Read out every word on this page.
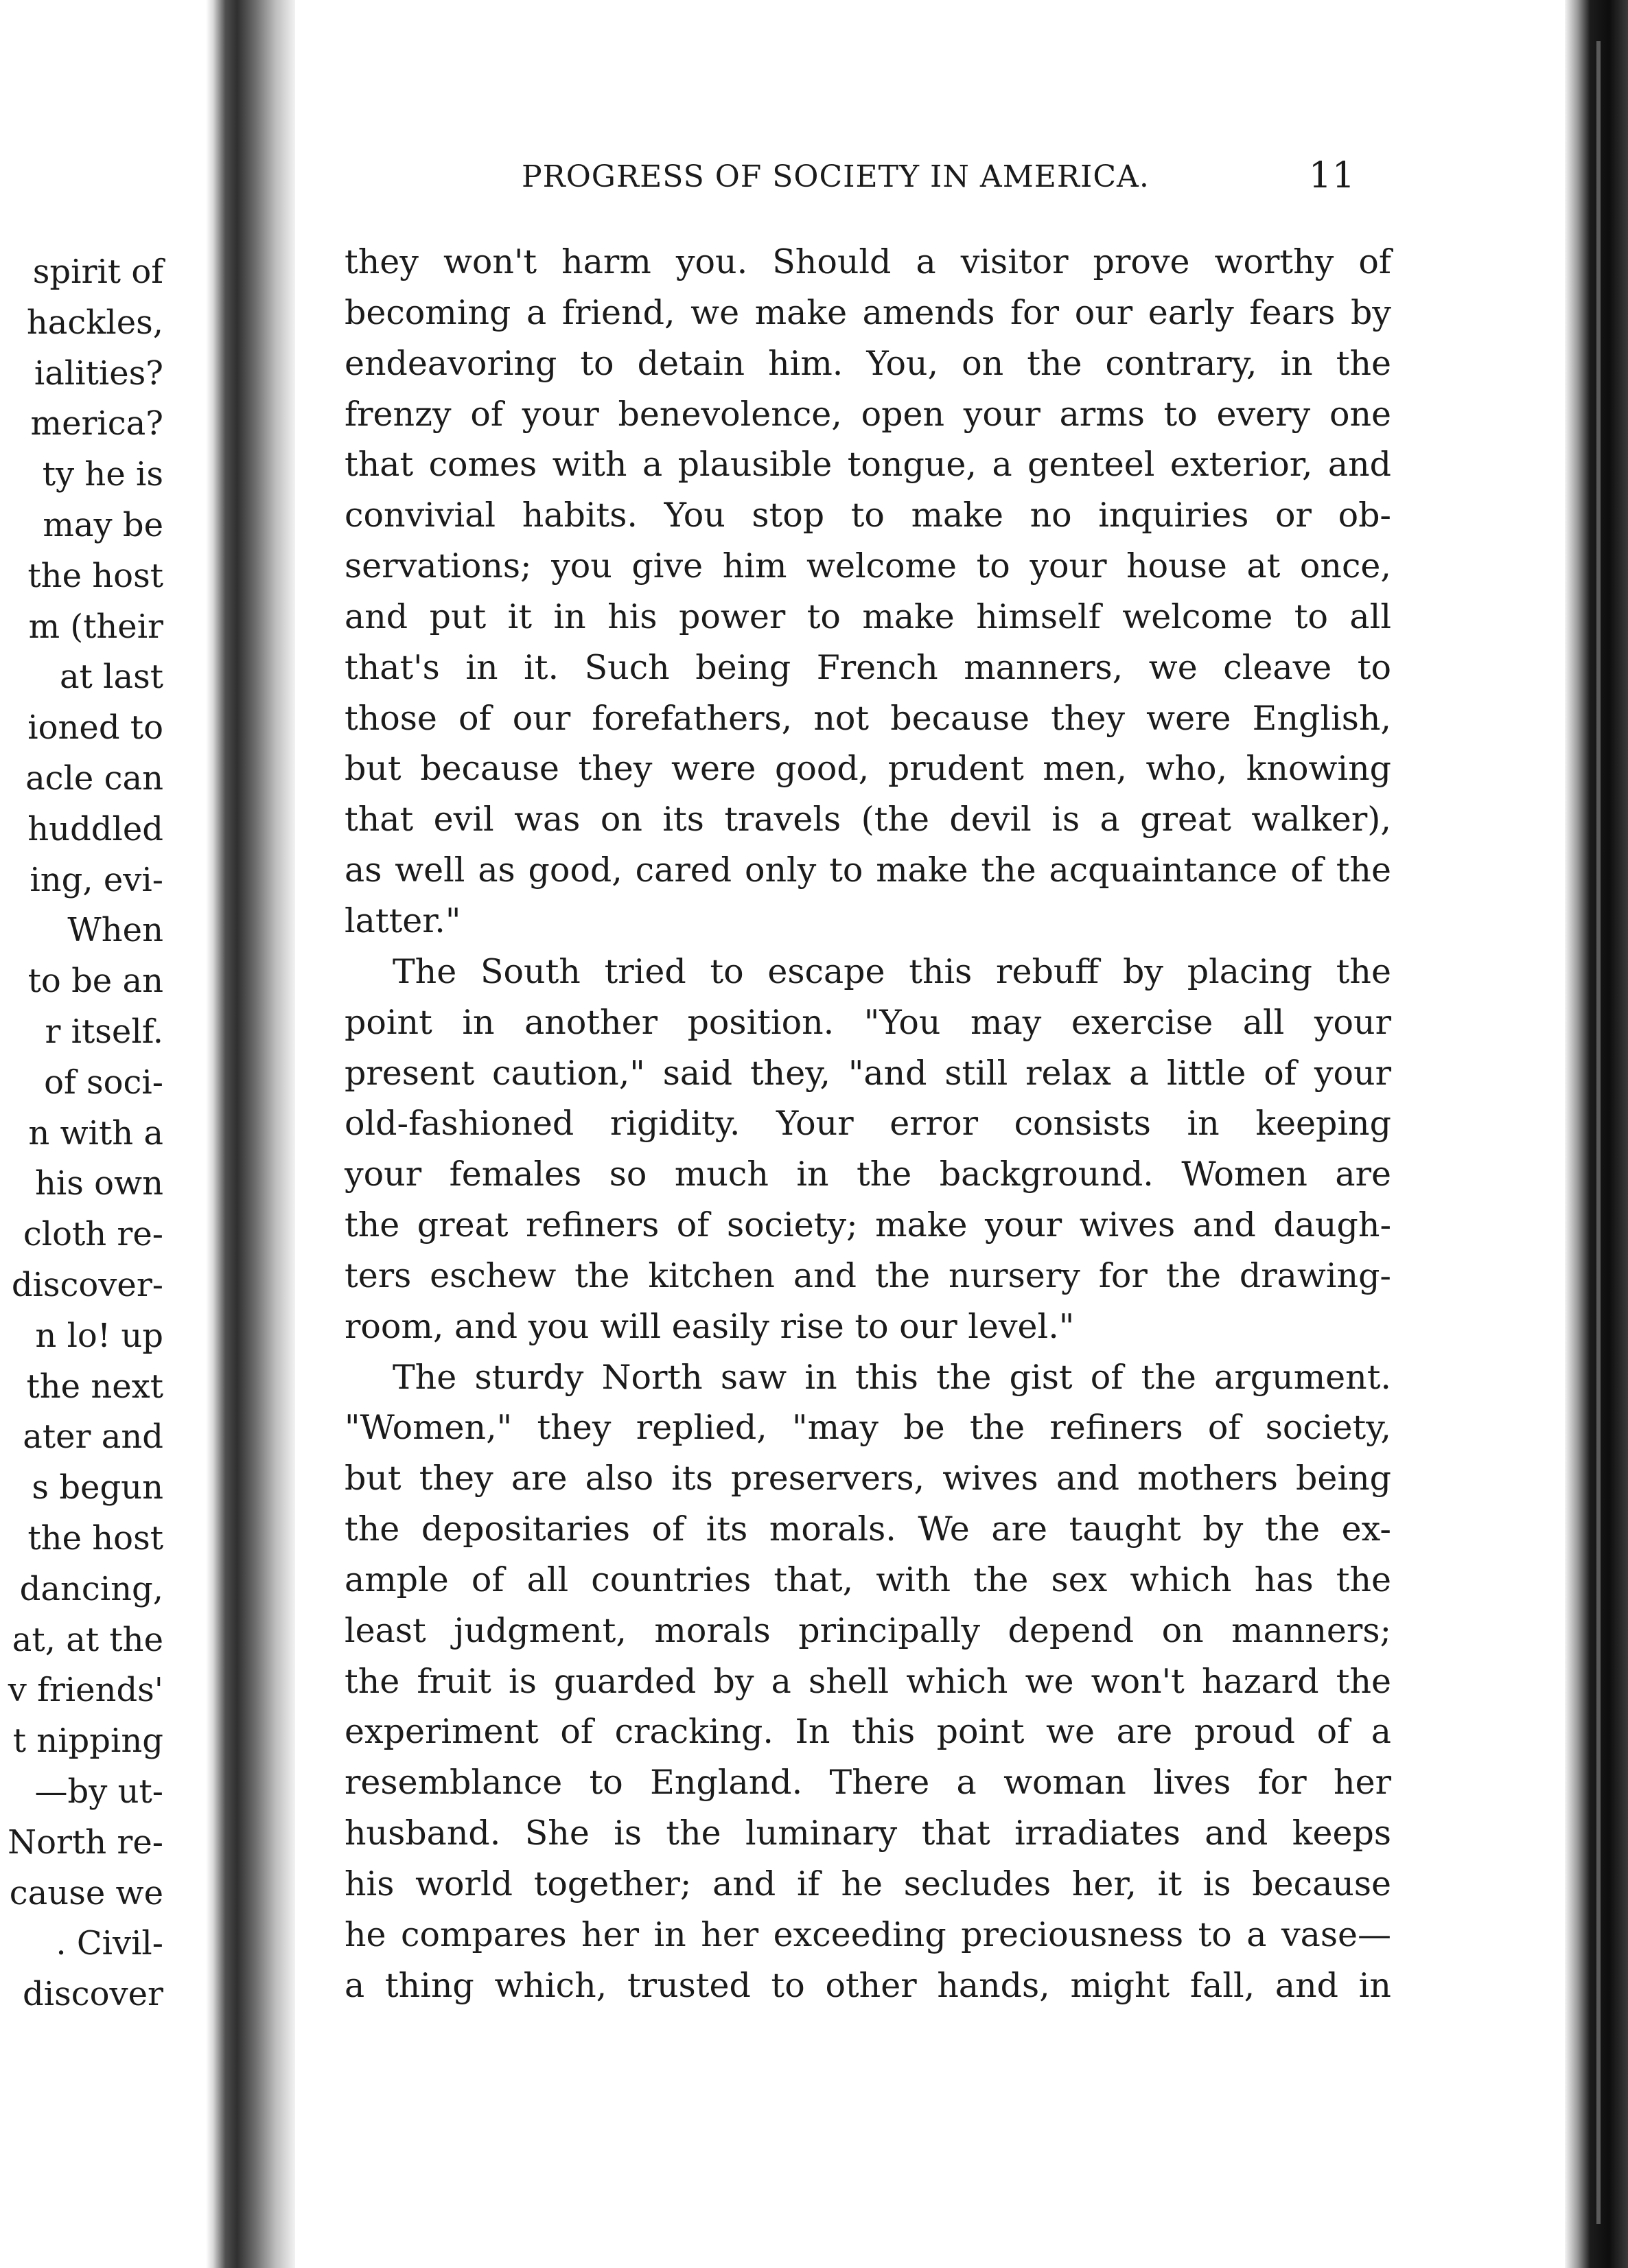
spirit of
hackles,
ialities?
merica?
ty he is
may be
the host
m (their
at last
ioned to
acle can
huddled
ing, evi-
When
to be an
r itself.
of soci-
n with a
his own
cloth re-
discover-
n lo! up
the next
ater and
s begun
the host
dancing,
at, at the
v friends'
t nipping
—by ut-
North re-
cause we
. Civil-
discover
PROGRESS OF SOCIETY IN AMERICA.	11
they won't harm you. Should a visitor prove worthy of
becoming a friend, we make amends for our early fears by
endeavoring to detain him. You, on the contrary, in the
frenzy of your benevolence, open your arms to every one
that comes with a plausible tongue, a genteel exterior, and
convivial habits. You stop to make no inquiries or ob-
servations; you give him welcome to your house at once,
and put it in his power to make himself welcome to all
that's in it. Such being French manners, we cleave to
those of our forefathers, not because they were English,
but because they were good, prudent men, who, knowing
that evil was on its travels (the devil is a great walker),
as well as good, cared only to make the acquaintance of the
latter."
The South tried to escape this rebuff by placing the
point in another position. "You may exercise all your
present caution," said they, "and still relax a little of your
old-fashioned rigidity. Your error consists in keeping
your females so much in the background. Women are
the great refiners of society; make your wives and daugh-
ters eschew the kitchen and the nursery for the drawing-
room, and you will easily rise to our level."
The sturdy North saw in this the gist of the argument.
"Women," they replied, "may be the refiners of society,
but they are also its preservers, wives and mothers being
the depositaries of its morals. We are taught by the ex-
ample of all countries that, with the sex which has the
least judgment, morals principally depend on manners;
the fruit is guarded by a shell which we won't hazard the
experiment of cracking. In this point we are proud of a
resemblance to England. There a woman lives for her
husband. She is the luminary that irradiates and keeps
his world together; and if he secludes her, it is because
he compares her in her exceeding preciousness to a vase—
a thing which, trusted to other hands, might fall, and in
